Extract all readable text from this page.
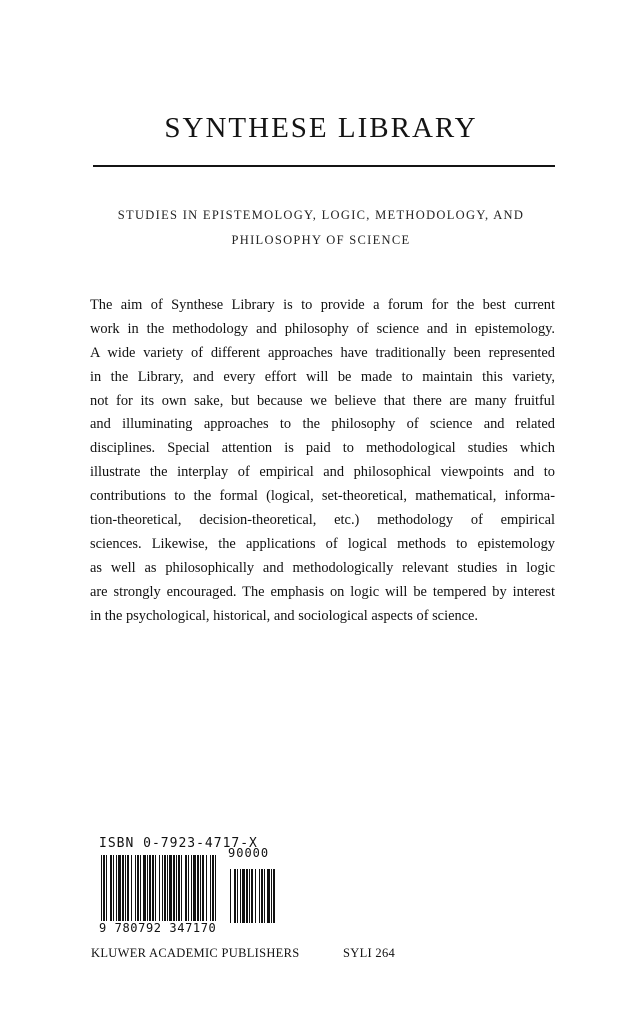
SYNTHESE LIBRARY
STUDIES IN EPISTEMOLOGY, LOGIC, METHODOLOGY, AND
PHILOSOPHY OF SCIENCE
The aim of Synthese Library is to provide a forum for the best current
work in the methodology and philosophy of science and in epistemology.
A wide variety of different approaches have traditionally been represented
in the Library, and every effort will be made to maintain this variety,
not for its own sake, but because we believe that there are many fruitful
and illuminating approaches to the philosophy of science and related
disciplines. Special attention is paid to methodological studies which
illustrate the interplay of empirical and philosophical viewpoints and to
contributions to the formal (logical, set-theoretical, mathematical, informa-
tion-theoretical, decision-theoretical, etc.) methodology of empirical
sciences. Likewise, the applications of logical methods to epistemology
as well as philosophically and methodologically relevant studies in logic
are strongly encouraged. The emphasis on logic will be tempered by interest
in the psychological, historical, and sociological aspects of science.
ISBN 0-7923-4717-X
90000
9 780792 347170
KLUWER ACADEMIC PUBLISHERS	SYLI 264
